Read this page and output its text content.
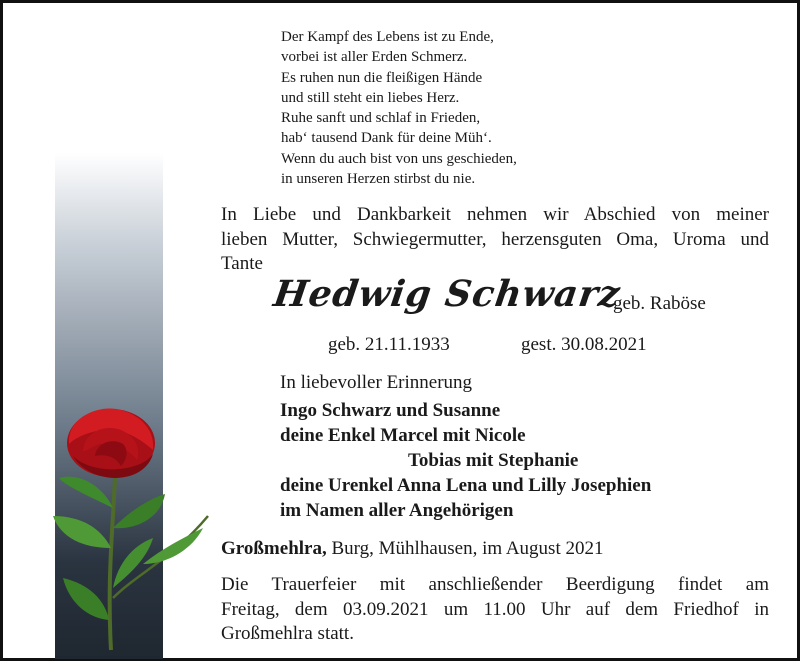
Der Kampf des Lebens ist zu Ende,
vorbei ist aller Erden Schmerz.
Es ruhen nun die fleißigen Hände
und still steht ein liebes Herz.
Ruhe sanft und schlaf in Frieden,
hab‘ tausend Dank für deine Müh‘.
Wenn du auch bist von uns geschieden,
in unseren Herzen stirbst du nie.
In Liebe und Dankbarkeit nehmen wir Abschied von meiner
lieben Mutter, Schwiegermutter, herzensguten Oma, Uroma und
Tante
Hedwig Schwarz
geb. Raböse
geb. 21.11.1933	gest. 30.08.2021
In liebevoller Erinnerung
Ingo Schwarz und Susanne
deine Enkel Marcel mit Nicole
Tobias mit Stephanie
deine Urenkel Anna Lena und Lilly Josephien
im Namen aller Angehörigen
Großmehlra, Burg, Mühlhausen, im August 2021
Die Trauerfeier mit anschließender Beerdigung findet am
Freitag, dem 03.09.2021 um 11.00 Uhr auf dem Friedhof in
Großmehlra statt.
